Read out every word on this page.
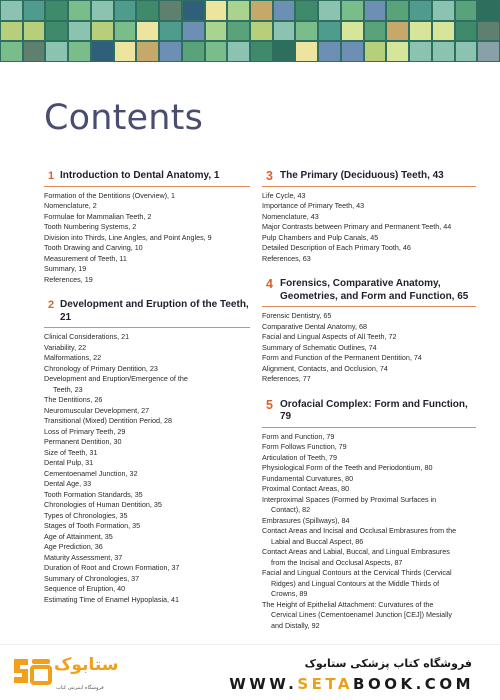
Contents
1 Introduction to Dental Anatomy, 1
Formation of the Dentitions (Overview), 1
Nomenclature, 2
Formulae for Mammalian Teeth, 2
Tooth Numbering Systems, 2
Division into Thirds, Line Angles, and Point Angles, 9
Tooth Drawing and Carving, 10
Measurement of Teeth, 11
Summary, 19
References, 19
2 Development and Eruption of the Teeth, 21
Clinical Considerations, 21
Variability, 22
Malformations, 22
Chronology of Primary Dentition, 23
Development and Eruption/Emergence of the
Teeth, 23
The Dentitions, 26
Neuromuscular Development, 27
Transitional (Mixed) Dentition Period, 28
Loss of Primary Teeth, 29
Permanent Dentition, 30
Size of Teeth, 31
Dental Pulp, 31
Cementoenamel Junction, 32
Dental Age, 33
Tooth Formation Standards, 35
Chronologies of Human Dentition, 35
Types of Chronologies, 35
Stages of Tooth Formation, 35
Age of Attainment, 35
Age Prediction, 36
Maturity Assessment, 37
Duration of Root and Crown Formation, 37
Summary of Chronologies, 37
Sequence of Eruption, 40
Estimating Time of Enamel Hypoplasia, 41
3 The Primary (Deciduous) Teeth, 43
Life Cycle, 43
Importance of Primary Teeth, 43
Nomenclature, 43
Major Contrasts between Primary and Permanent Teeth, 44
Pulp Chambers and Pulp Canals, 45
Detailed Description of Each Primary Tooth, 46
References, 63
4 Forensics, Comparative Anatomy, Geometries, and Form and Function, 65
Forensic Dentistry, 65
Comparative Dental Anatomy, 68
Facial and Lingual Aspects of All Teeth, 72
Summary of Schematic Outlines, 74
Form and Function of the Permanent Dentition, 74
Alignment, Contacts, and Occlusion, 74
References, 77
5 Orofacial Complex: Form and Function, 79
Form and Function, 79
Form Follows Function, 79
Articulation of Teeth, 79
Physiological Form of the Teeth and Periodontium, 80
Fundamental Curvatures, 80
Proximal Contact Areas, 80
Interproximal Spaces (Formed by Proximal Surfaces in
Contact), 82
Embrasures (Spillways), 84
Contact Areas and Incisal and Occlusal Embrasures from the
Labial and Buccal Aspect, 86
Contact Areas and Labial, Buccal, and Lingual Embrasures
from the Incisal and Occlusal Aspects, 87
Facial and Lingual Contours at the Cervical Thirds (Cervical
Ridges) and Lingual Contours at the Middle Thirds of
Crowns, 89
The Height of Epithelial Attachment: Curvatures of the
Cervical Lines (Cementoenamel Junction [CEJ]) Mesially
and Distally, 92
ستابوک
فروشگاه اینترنتی کتاب
فروشگاه کتاب پزشکی ستابوک
WWW.SETABOOK.COM
